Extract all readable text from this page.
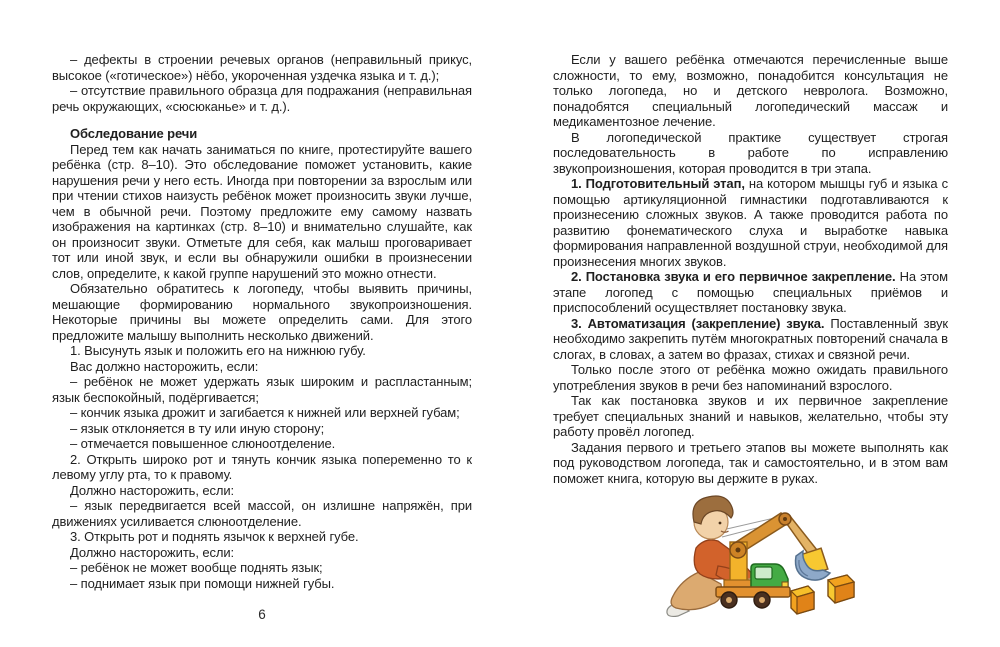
– дефекты в строении речевых органов (неправильный прикус, высокое («готическое») нёбо, укороченная уздечка языка и т. д.);

– отсутствие правильного образца для подражания (неправильная речь окружающих, «сюсюканье» и т. д.).

Обследование речи

Перед тем как начать заниматься по книге, протестируйте вашего ребёнка (стр. 8–10). Это обследование поможет установить, какие нарушения речи у него есть. Иногда при повторении за взрослым или при чтении стихов наизусть ребёнок может произносить звуки лучше, чем в обычной речи. Поэтому предложите ему самому назвать изображения на картинках (стр. 8–10) и внимательно слушайте, как он произносит звуки. Отметьте для себя, как малыш проговаривает тот или иной звук, и если вы обнаружили ошибки в произнесении слов, определите, к какой группе нарушений это можно отнести.

Обязательно обратитесь к логопеду, чтобы выявить причины, мешающие формированию нормального звукопроизношения. Некоторые причины вы можете определить сами. Для этого предложите малышу выполнить несколько движений.

1. Высунуть язык и положить его на нижнюю губу.

Вас должно насторожить, если:

– ребёнок не может удержать язык широким и распластанным; язык беспокойный, подёргивается;

– кончик языка дрожит и загибается к нижней или верхней губам;

– язык отклоняется в ту или иную сторону;

– отмечается повышенное слюноотделение.

2. Открыть широко рот и тянуть кончик языка попеременно то к левому углу рта, то к правому.

Должно насторожить, если:

– язык передвигается всей массой, он излишне напряжён, при движениях усиливается слюноотделение.

3. Открыть рот и поднять язычок к верхней губе.

Должно насторожить, если:

– ребёнок не может вообще поднять язык;

– поднимает язык при помощи нижней губы.

Если у вашего ребёнка отмечаются перечисленные выше сложности, то ему, возможно, понадобится консультация не только логопеда, но и детского невролога. Возможно, понадобятся специальный логопедический массаж и медикаментозное лечение.

В логопедической практике существует строгая последовательность в работе по исправлению звукопроизношения, которая проводится в три этапа.

1. Подготовительный этап, на котором мышцы губ и языка с помощью артикуляционной гимнастики подготавливаются к произнесению сложных звуков. А также проводится работа по развитию фонематического слуха и выработке навыка формирования направленной воздушной струи, необходимой для произнесения многих звуков.

2. Постановка звука и его первичное закрепление. На этом этапе логопед с помощью специальных приёмов и приспособлений осуществляет постановку звука.

3. Автоматизация (закрепление) звука. Поставленный звук необходимо закрепить путём многократных повторений сначала в слогах, в словах, а затем во фразах, стихах и связной речи.

Только после этого от ребёнка можно ожидать правильного употребления звуков в речи без напоминаний взрослого.

Так как постановка звуков и их первичное закрепление требует специальных знаний и навыков, желательно, чтобы эту работу провёл логопед.

Задания первого и третьего этапов вы можете выполнять как под руководством логопеда, так и самостоятельно, и в этом вам поможет книга, которую вы держите в руках.

6
